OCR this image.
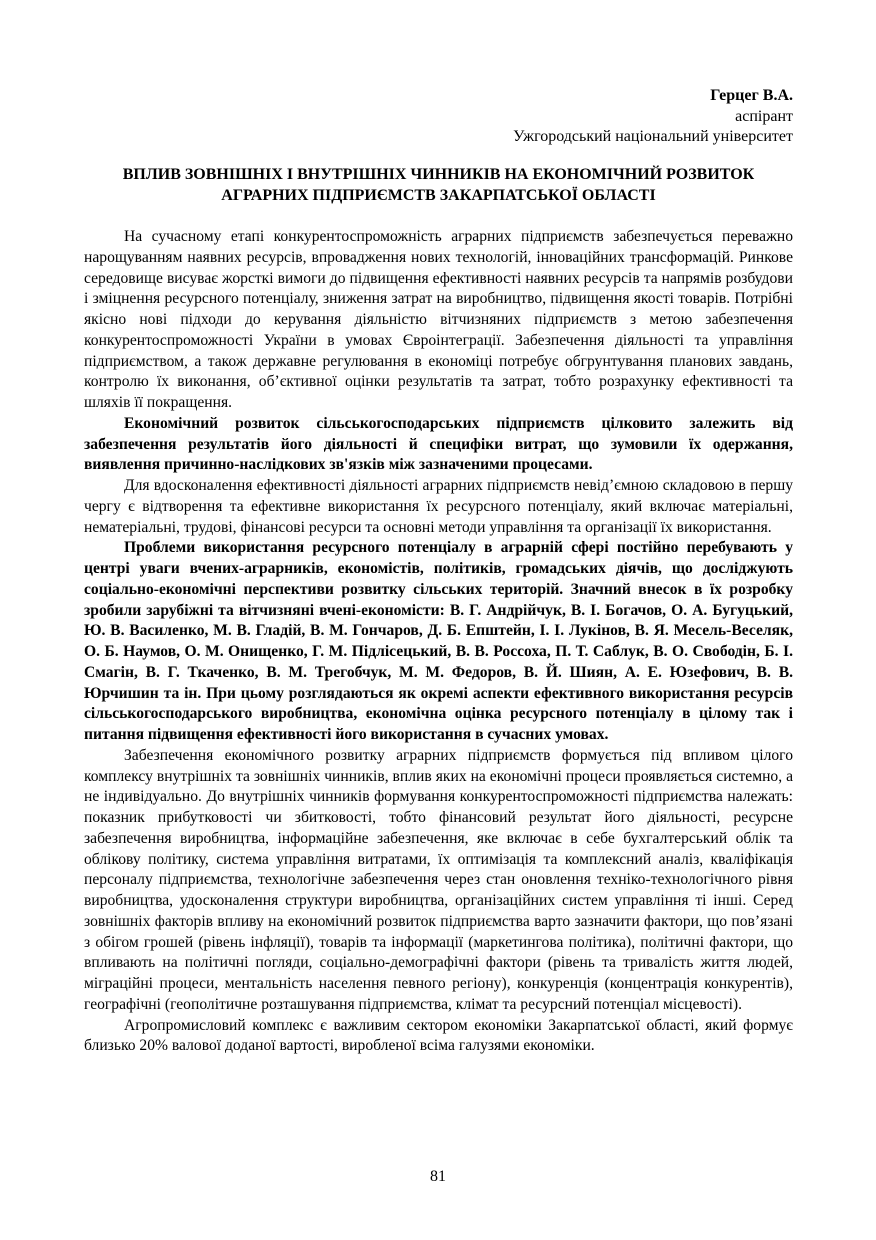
Герцег В.А.
аспірант
Ужгородський національний університет
ВПЛИВ ЗОВНІШНІХ І ВНУТРІШНІХ ЧИННИКІВ НА ЕКОНОМІЧНИЙ РОЗВИТОК
АГРАРНИХ ПІДПРИЄМСТВ ЗАКАРПАТСЬКОЇ ОБЛАСТІ

На сучасному етапі конкурентоспроможність аграрних підприємств забезпечується переважно нарощуванням наявних ресурсів, впровадження нових технологій, інноваційних трансформацій. Ринкове середовище висуває жорсткі вимоги до підвищення ефективності наявних ресурсів та напрямів розбудови і зміцнення ресурсного потенціалу, зниження затрат на виробництво, підвищення якості товарів. Потрібні якісно нові підходи до керування діяльністю вітчизняних підприємств з метою забезпечення конкурентоспроможності України в умовах Євроінтеграції. Забезпечення діяльності та управління підприємством, а також державне регулювання в економіці потребує обгрунтування планових завдань, контролю їх виконання, об’єктивної оцінки результатів та затрат, тобто розрахунку ефективності та шляхів її покращення.

Економічний розвиток сільськогосподарських підприємств цілковито залежить від забезпечення результатів його діяльності й специфіки витрат, що зумовили їх одержання, виявлення причинно-наслідкових зв'язків між зазначеними процесами.

Для вдосконалення ефективності діяльності аграрних підприємств невід’ємною складовою в першу чергу є відтворення та ефективне використання їх ресурсного потенціалу, який включає матеріальні, нематеріальні, трудові, фінансові ресурси та основні методи управління та організації їх використання.

Проблеми використання ресурсного потенціалу в аграрній сфері постійно перебувають у центрі уваги вчених-аграрників, економістів, політиків, громадських діячів, що досліджують соціально-економічні перспективи розвитку сільських територій. Значний внесок в їх розробку зробили зарубіжні та вітчизняні вчені-економісти: В. Г. Андрійчук, В. І. Богачов, О. А. Бугуцький, Ю. В. Василенко, М. В. Гладій, В. М. Гончаров, Д. Б. Епштейн, І. І. Лукінов, В. Я. Месель-Веселяк, О. Б. Наумов, О. М. Онищенко, Г. М. Підлісецький, В. В. Россоха, П. Т. Саблук, В. О. Свободін, Б. І. Смагін, В. Г. Ткаченко, В. М. Трегобчук, М. М. Федоров, В. Й. Шиян, А. Е. Юзефович, В. В. Юрчишин та ін. При цьому розглядаються як окремі аспекти ефективного використання ресурсів сільськогосподарського виробництва, економічна оцінка ресурсного потенціалу в цілому так і питання підвищення ефективності його використання в сучасних умовах.

Забезпечення економічного розвитку аграрних підприємств формується під впливом цілого комплексу внутрішніх та зовнішніх чинників, вплив яких на економічні процеси проявляється системно, а не індивідуально. До внутрішніх чинників формування конкурентоспроможності підприємства належать: показник прибутковості чи збитковості, тобто фінансовий результат його діяльності, ресурсне забезпечення виробництва, інформаційне забезпечення, яке включає в себе бухгалтерський облік та облікову політику, система управління витратами, їх оптимізація та комплексний аналіз, кваліфікація персоналу підприємства, технологічне забезпечення через стан оновлення техніко-технологічного рівня виробництва, удосконалення структури виробництва, організаційних систем управління ті інші. Серед зовнішніх факторів впливу на економічний розвиток підприємства варто зазначити фактори, що пов’язані з обігом грошей (рівень інфляції), товарів та інформації (маркетингова політика), політичні фактори, що впливають на політичні погляди, соціально-демографічні фактори (рівень та тривалість життя людей, міграційні процеси, ментальність населення певного регіону), конкуренція (концентрація конкурентів), географічні (геополітичне розташування підприємства, клімат та ресурсний потенціал місцевості).

Агропромисловий комплекс є важливим сектором економіки Закарпатської області, який формує близько 20% валової доданої вартості, виробленої всіма галузями економіки.

81
